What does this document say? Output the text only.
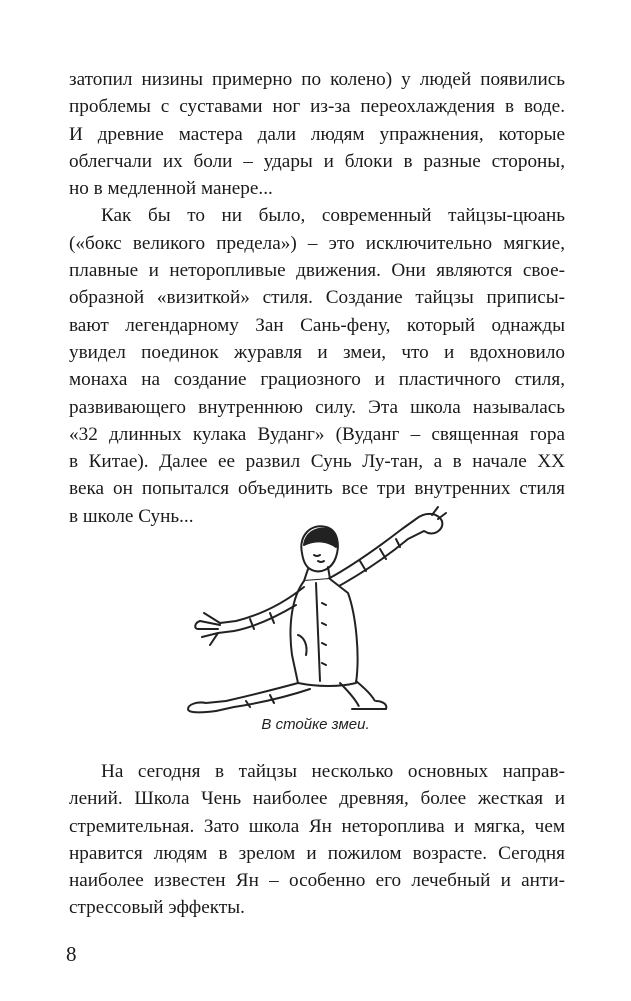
затопил низины примерно по колено) у людей появились
проблемы с суставами ног из-за переохлаждения в воде.
И древние мастера дали людям упражнения, которые
облегчали их боли – удары и блоки в разные стороны,
но в медленной манере...

Как бы то ни было, современный тайцзы-цюань
(«бокс великого предела») – это исключительно мягкие,
плавные и неторопливые движения. Они являются свое-
образной «визиткой» стиля. Создание тайцзы приписы-
вают легендарному Зан Сань-фену, который однажды
увидел поединок журавля и змеи, что и вдохновило
монаха на создание грациозного и пластичного стиля,
развивающего внутреннюю силу. Эта школа называлась
«32 длинных кулака Вуданг» (Вуданг – священная гора
в Китае). Далее ее развил Сунь Лу-тан, а в начале XX
века он попытался объединить все три внутренних стиля
в школе Сунь...

В стойке змеи.

На сегодня в тайцзы несколько основных направ-
лений. Школа Чень наиболее древняя, более жесткая и
стремительная. Зато школа Ян нетороплива и мягка, чем
нравится людям в зрелом и пожилом возрасте. Сегодня
наиболее известен Ян – особенно его лечебный и анти-
стрессовый эффекты.

8
